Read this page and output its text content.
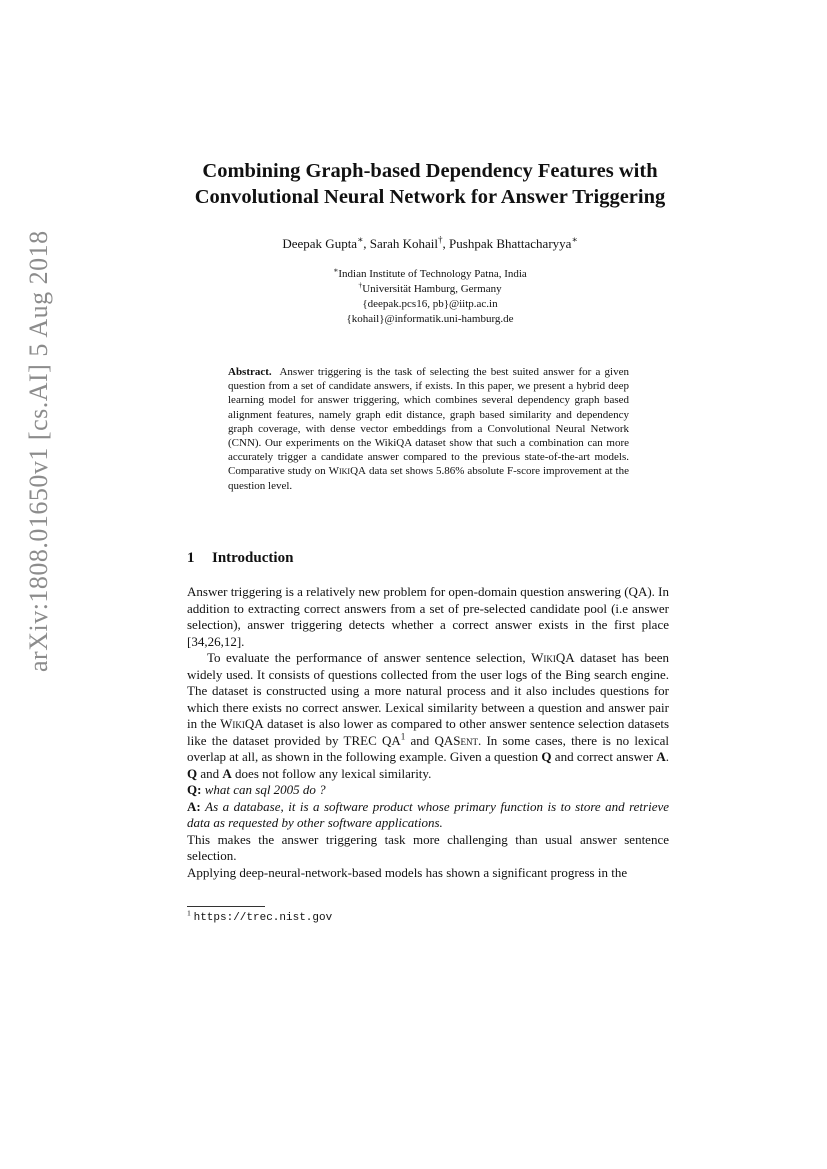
arXiv:1808.01650v1 [cs.AI] 5 Aug 2018
Combining Graph-based Dependency Features with
Convolutional Neural Network for Answer Triggering
Deepak Gupta∗, Sarah Kohail†, Pushpak Bhattacharyya∗
∗Indian Institute of Technology Patna, India
†Universität Hamburg, Germany
{deepak.pcs16, pb}@iitp.ac.in
{kohail}@informatik.uni-hamburg.de
Abstract. Answer triggering is the task of selecting the best suited answer for a given question from a set of candidate answers, if exists. In this paper, we present a hybrid deep learning model for answer triggering, which combines several dependency graph based alignment features, namely graph edit distance, graph based similarity and dependency graph coverage, with dense vector embeddings from a Convolutional Neural Network (CNN). Our experiments on the WikiQA dataset show that such a combination can more accurately trigger a candidate answer compared to the previous state-of-the-art models. Comparative study on WikiQA data set shows 5.86% absolute F-score improvement at the question level.
1 Introduction

Answer triggering is a relatively new problem for open-domain question answering (QA). In addition to extracting correct answers from a set of pre-selected candidate pool (i.e answer selection), answer triggering detects whether a correct answer exists in the first place [34,26,12].

To evaluate the performance of answer sentence selection, WikiQA dataset has been widely used. It consists of questions collected from the user logs of the Bing search engine. The dataset is constructed using a more natural process and it also includes questions for which there exists no correct answer. Lexical similarity between a question and answer pair in the WikiQA dataset is also lower as compared to other answer sentence selection datasets like the dataset provided by TREC $QA^1$ and QASent. In some cases, there is no lexical overlap at all, as shown in the following example. Given a question Q and correct answer A. Q and A does not follow any lexical similarity.

Q: what can sql 2005 do ?

A: As a database, it is a software product whose primary function is to store and retrieve data as requested by other software applications.

This makes the answer triggering task more challenging than usual answer sentence selection.

Applying deep-neural-network-based models has shown a significant progress in the

$^1$ https://trec.nist.gov
